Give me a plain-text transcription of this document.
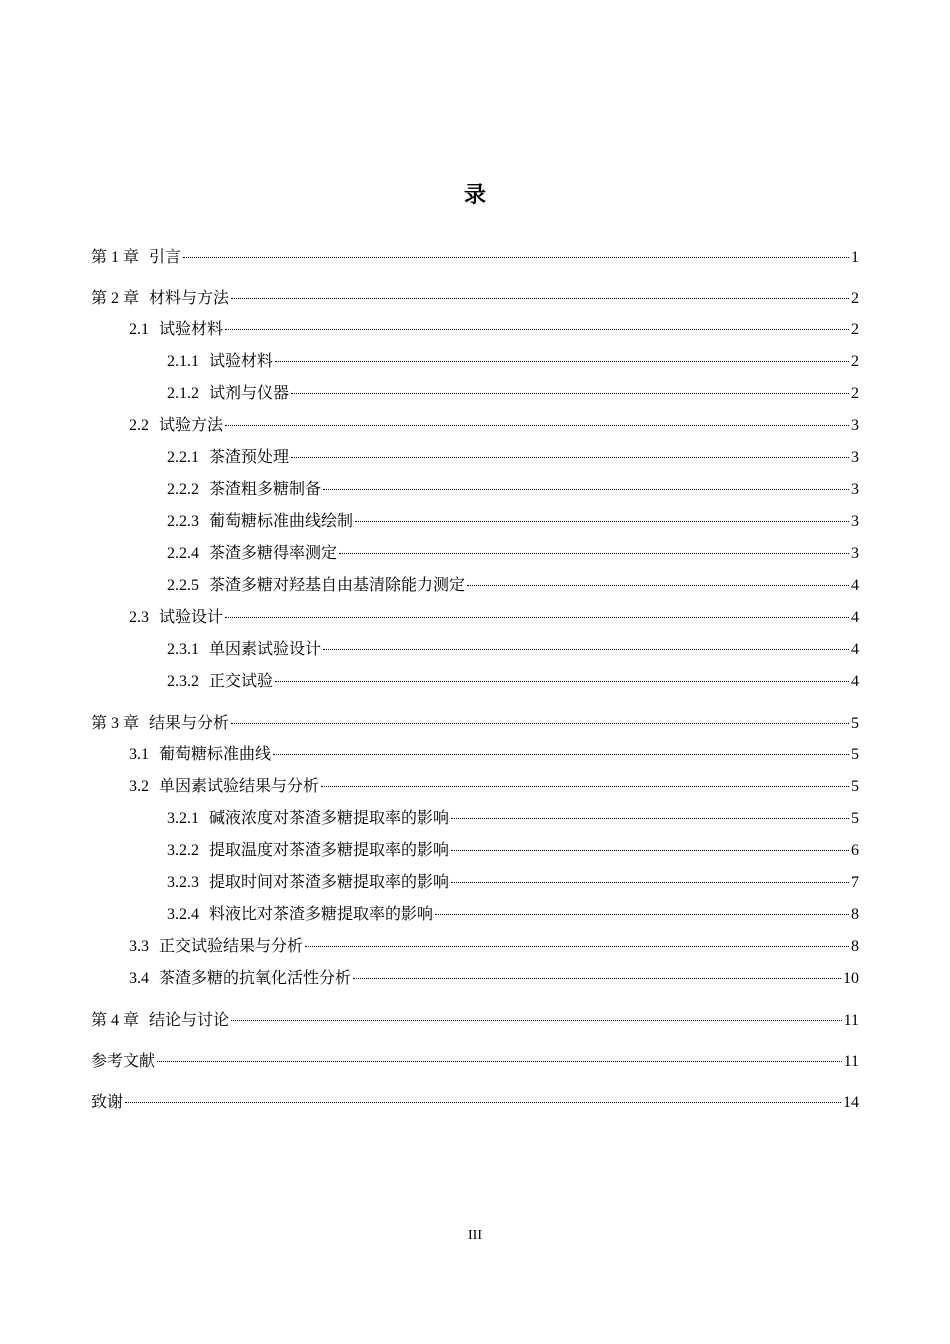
录
第 1 章 引言	1
第 2 章 材料与方法	2
2.1 试验材料	2
2.1.1 试验材料	2
2.1.2 试剂与仪器	2
2.2 试验方法	3
2.2.1 茶渣预处理	3
2.2.2 茶渣粗多糖制备	3
2.2.3 葡萄糖标准曲线绘制	3
2.2.4 茶渣多糖得率测定	3
2.2.5 茶渣多糖对羟基自由基清除能力测定	4
2.3 试验设计	4
2.3.1 单因素试验设计	4
2.3.2 正交试验	4
第 3 章 结果与分析	5
3.1 葡萄糖标准曲线	5
3.2 单因素试验结果与分析	5
3.2.1 碱液浓度对茶渣多糖提取率的影响	5
3.2.2 提取温度对茶渣多糖提取率的影响	6
3.2.3 提取时间对茶渣多糖提取率的影响	7
3.2.4 料液比对茶渣多糖提取率的影响	8
3.3 正交试验结果与分析	8
3.4 茶渣多糖的抗氧化活性分析	10
第 4 章 结论与讨论	11
参考文献	11
致谢	14
III
